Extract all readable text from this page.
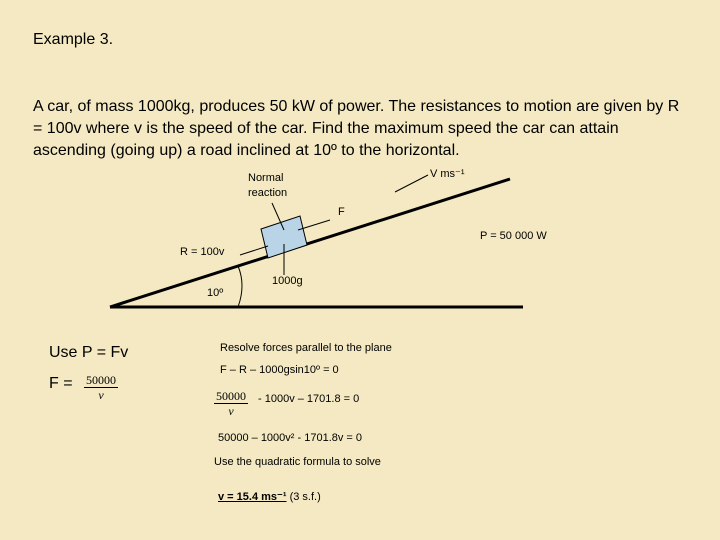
Example 3.
A car, of mass 1000kg, produces 50 kW of power. The resistances to motion are given by R = 100v where v is the speed of the car. Find the maximum speed the car can attain ascending (going up) a road inclined at 10º to the horizontal.
Normal
reaction
V ms⁻¹
F
P = 50 000 W
R = 100v
1000g
10º
Use P = Fv
$F = \frac{50000}{v}$
Resolve forces parallel to the plane
F – R – 1000gsin10º = 0
$\frac{50000}{v} - 1000v - 1701.8 = 0$
50000 – 1000v² - 1701.8v = 0
Use the quadratic formula to solve
v = 15.4 ms⁻¹ (3 s.f.)
